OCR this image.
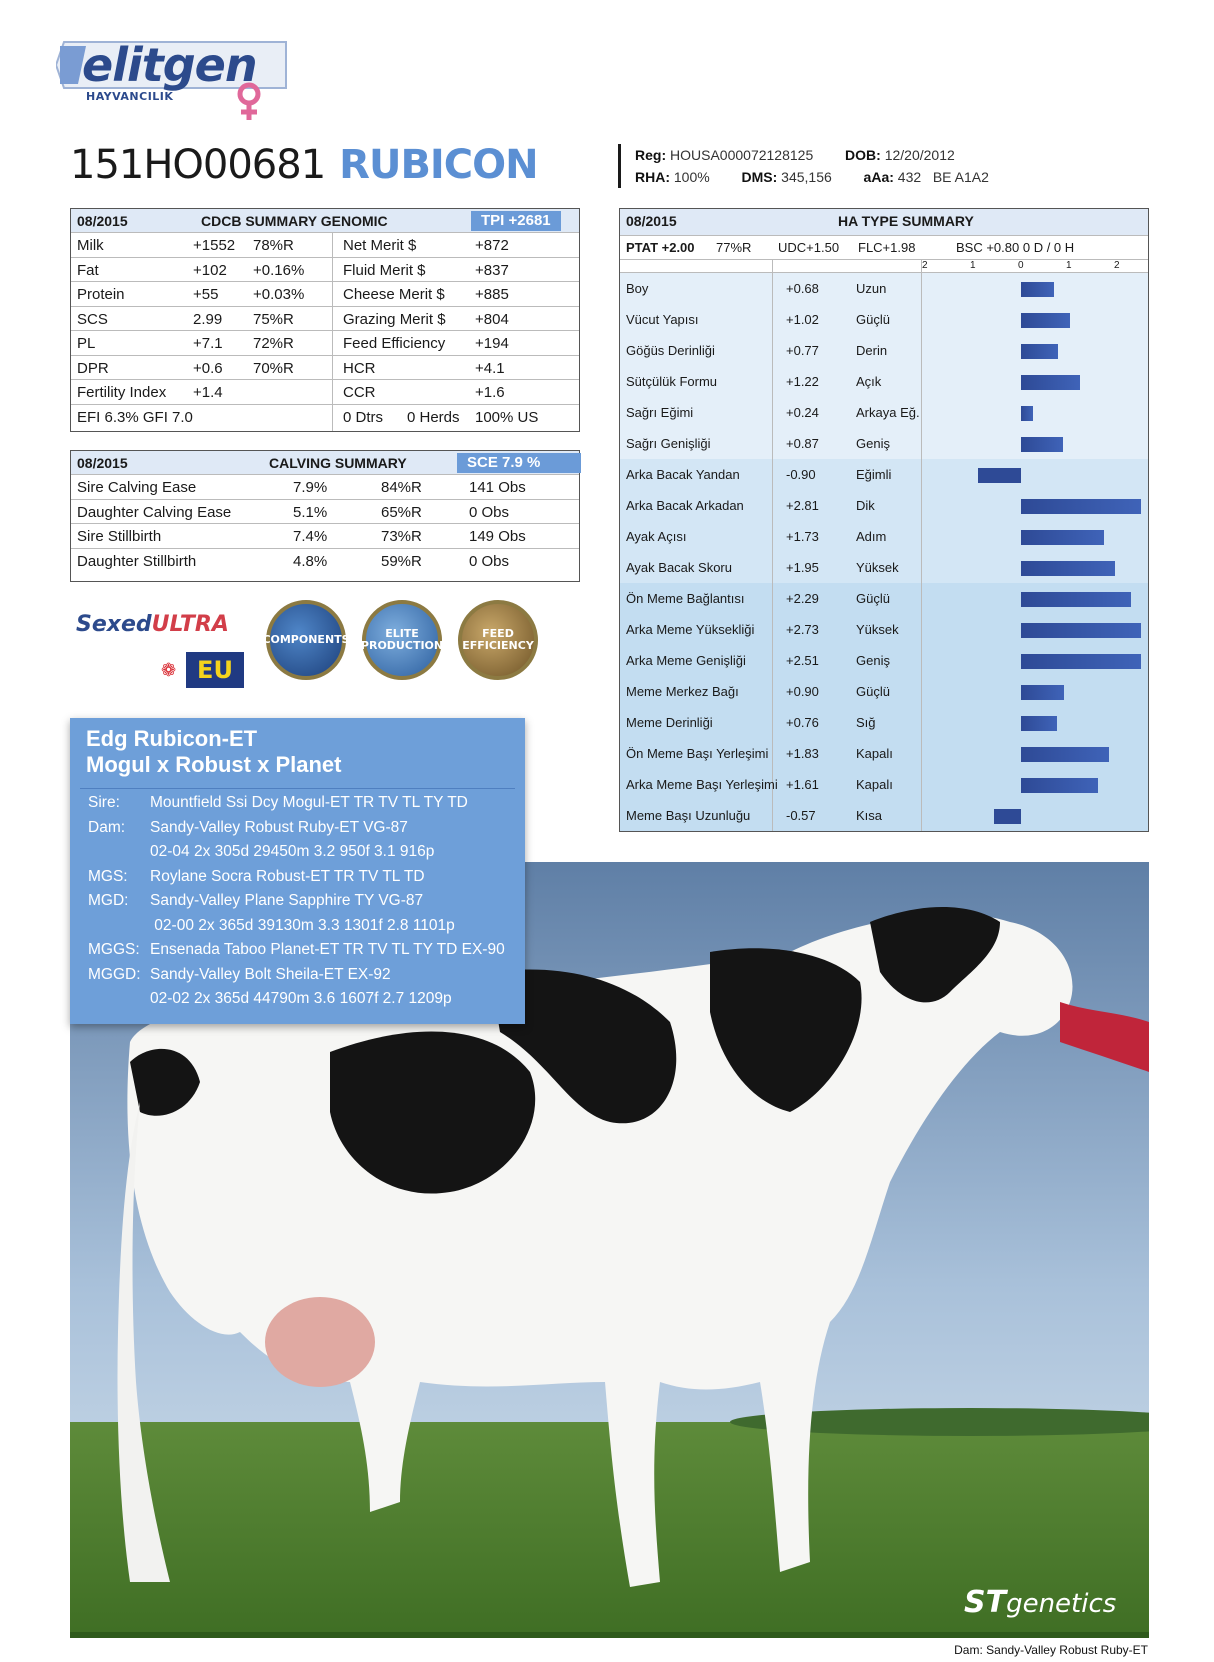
elitgen
HAYVANCILIK
151HO00681 RUBICON	Reg: HOUSA000072128125 DOB: 12/20/2012
RHA: 100% DMS: 345,156 aAa: 432 BE A1A2
08/2015	CDCB SUMMARY GENOMIC	TPI +2681
Milk	+1552 78%R	Net Merit $	+872
Fat	+102 +0.16%	Fluid Merit $	+837
Protein	+55 +0.03%	Cheese Merit $ +885
SCS	2.99 75%R	Grazing Merit $ +804
PL	+7.1 72%R	Feed Efficiency +194
DPR	+0.6 70%R	HCR	+4.1
Fertility Index +1.4	CCR	+1.6
EFI 6.3% GFI 7.0	0 Dtrs 0 Herds 100% US
08/2015	CALVING SUMMARY	SCE 7.9 %
Sire Calving Ease	7.9%	84%R	141 Obs
Daughter Calving Ease	5.1%	65%R	0 Obs
Sire Stillbirth	7.4%	73%R	149 Obs
Daughter Stillbirth	4.8%	59%R	0 Obs
SexedULTRA
❁ EU
COMPONENTS	ELITE PRODUCTION
FEED EFFICIENCY
Edg Rubicon-ET
Mogul x Robust x Planet
Sire: Mountfield Ssi Dcy Mogul-ET TR TV TL TY TD
Dam: Sandy-Valley Robust Ruby-ET VG-87
02-04 2x 305d 29450m 3.2 950f 3.1 916p
MGS: Roylane Socra Robust-ET TR TV TL TD
MGD: Sandy-Valley Plane Sapphire TY VG-87
02-00 2x 365d 39130m 3.3 1301f 2.8 1101p
MGGS: Ensenada Taboo Planet-ET TR TV TL TY TD EX-90
MGGD: Sandy-Valley Bolt Sheila-ET EX-92
02-02 2x 365d 44790m 3.6 1607f 2.7 1209p
08/2015	HA TYPE SUMMARY
PTAT +2.00 77%R UDC+1.50 FLC+1.98	BSC +0.80 0 D / 0 H
2	1	0	1	2
Boy	+0.68	Uzun
Vücut Yapısı	+1.02	Güçlü
Göğüs Derinliği	+0.77	Derin
Sütçülük Formu	+1.22	Açık
Sağrı Eğimi	+0.24	Arkaya Eğ.
Sağrı Genişliği	+0.87	Geniş
Arka Bacak Yandan	-0.90	Eğimli
Arka Bacak Arkadan	+2.81	Dik
Ayak Açısı	+1.73	Adım
Ayak Bacak Skoru	+1.95	Yüksek
Ön Meme Bağlantısı	+2.29	Güçlü
Arka Meme Yüksekliği +2.73	Yüksek
Arka Meme Genişliği	+2.51	Geniş
Meme Merkez Bağı	+0.90	Güçlü
Meme Derinliği	+0.76	Sığ
Ön Meme Başı Yerleşimi +1.83	Kapalı
Arka Meme Başı Yerleşimi +1.61	Kapalı
Meme Başı Uzunluğu	-0.57	Kısa
STgenetics
Dam: Sandy-Valley Robust Ruby-ET
